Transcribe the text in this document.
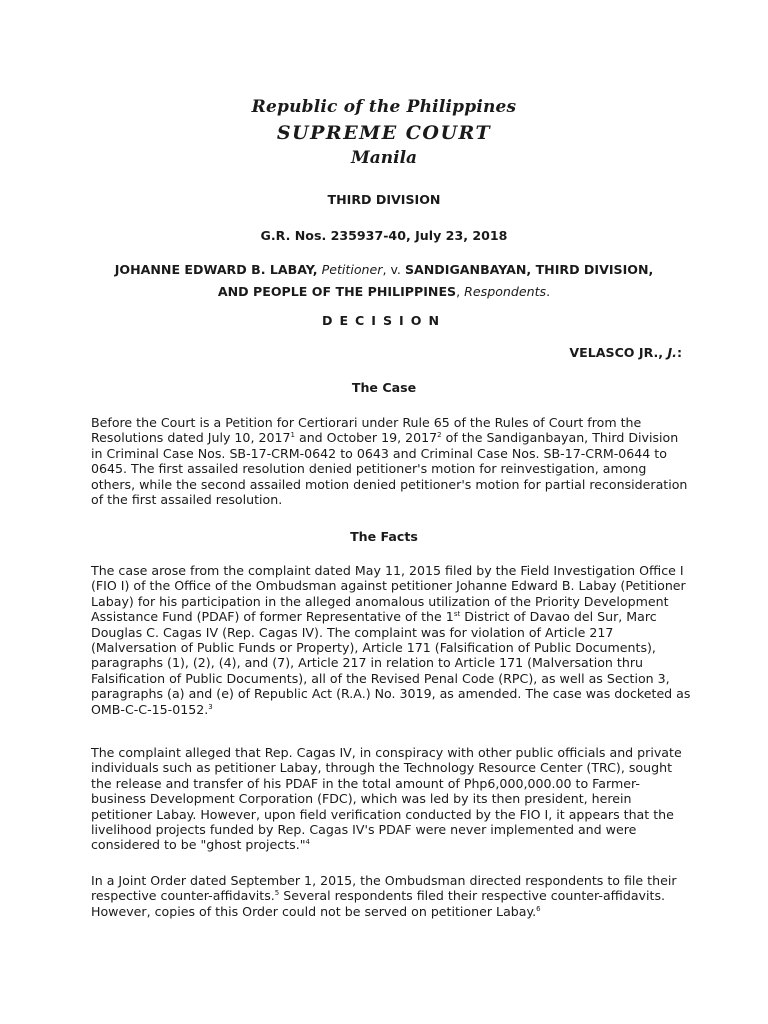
Republic of the Philippines
SUPREME COURT
Manila
THIRD DIVISION
G.R. Nos. 235937-40, July 23, 2018
JOHANNE EDWARD B. LABAY, Petitioner, v. SANDIGANBAYAN, THIRD DIVISION,
AND PEOPLE OF THE PHILIPPINES, Respondents.
DECISION
VELASCO JR., J.:
The Case

Before the Court is a Petition for Certiorari under Rule 65 of the Rules of Court from the Resolutions dated July 10, 2017$^1$ and October 19, 2017$^2$ of the Sandiganbayan, Third Division in Criminal Case Nos. SB-17-CRM-0642 to 0643 and Criminal Case Nos. SB-17-CRM-0644 to 0645. The first assailed resolution denied petitioner's motion for reinvestigation, among others, while the second assailed motion denied petitioner's motion for partial reconsideration of the first assailed resolution.

The Facts

The case arose from the complaint dated May 11, 2015 filed by the Field Investigation Office I (FIO I) of the Office of the Ombudsman against petitioner Johanne Edward B. Labay (Petitioner Labay) for his participation in the alleged anomalous utilization of the Priority Development Assistance Fund (PDAF) of former Representative of the 1st District of Davao del Sur, Marc Douglas C. Cagas IV (Rep. Cagas IV). The complaint was for violation of Article 217 (Malversation of Public Funds or Property), Article 171 (Falsification of Public Documents), paragraphs (1), (2), (4), and (7), Article 217 in relation to Article 171 (Malversation thru Falsification of Public Documents), all of the Revised Penal Code (RPC), as well as Section 3, paragraphs (a) and (e) of Republic Act (R.A.) No. 3019, as amended. The case was docketed as OMB-C-C-15-0152.$^3$

The complaint alleged that Rep. Cagas IV, in conspiracy with other public officials and private individuals such as petitioner Labay, through the Technology Resource Center (TRC), sought the release and transfer of his PDAF in the total amount of Php6,000,000.00 to Farmer-business Development Corporation (FDC), which was led by its then president, herein petitioner Labay. However, upon field verification conducted by the FIO I, it appears that the livelihood projects funded by Rep. Cagas IV's PDAF were never implemented and were considered to be "ghost projects."$^4$

In a Joint Order dated September 1, 2015, the Ombudsman directed respondents to file their respective counter-affidavits.$^5$ Several respondents filed their respective counter-affidavits. However, copies of this Order could not be served on petitioner Labay.$^6$
